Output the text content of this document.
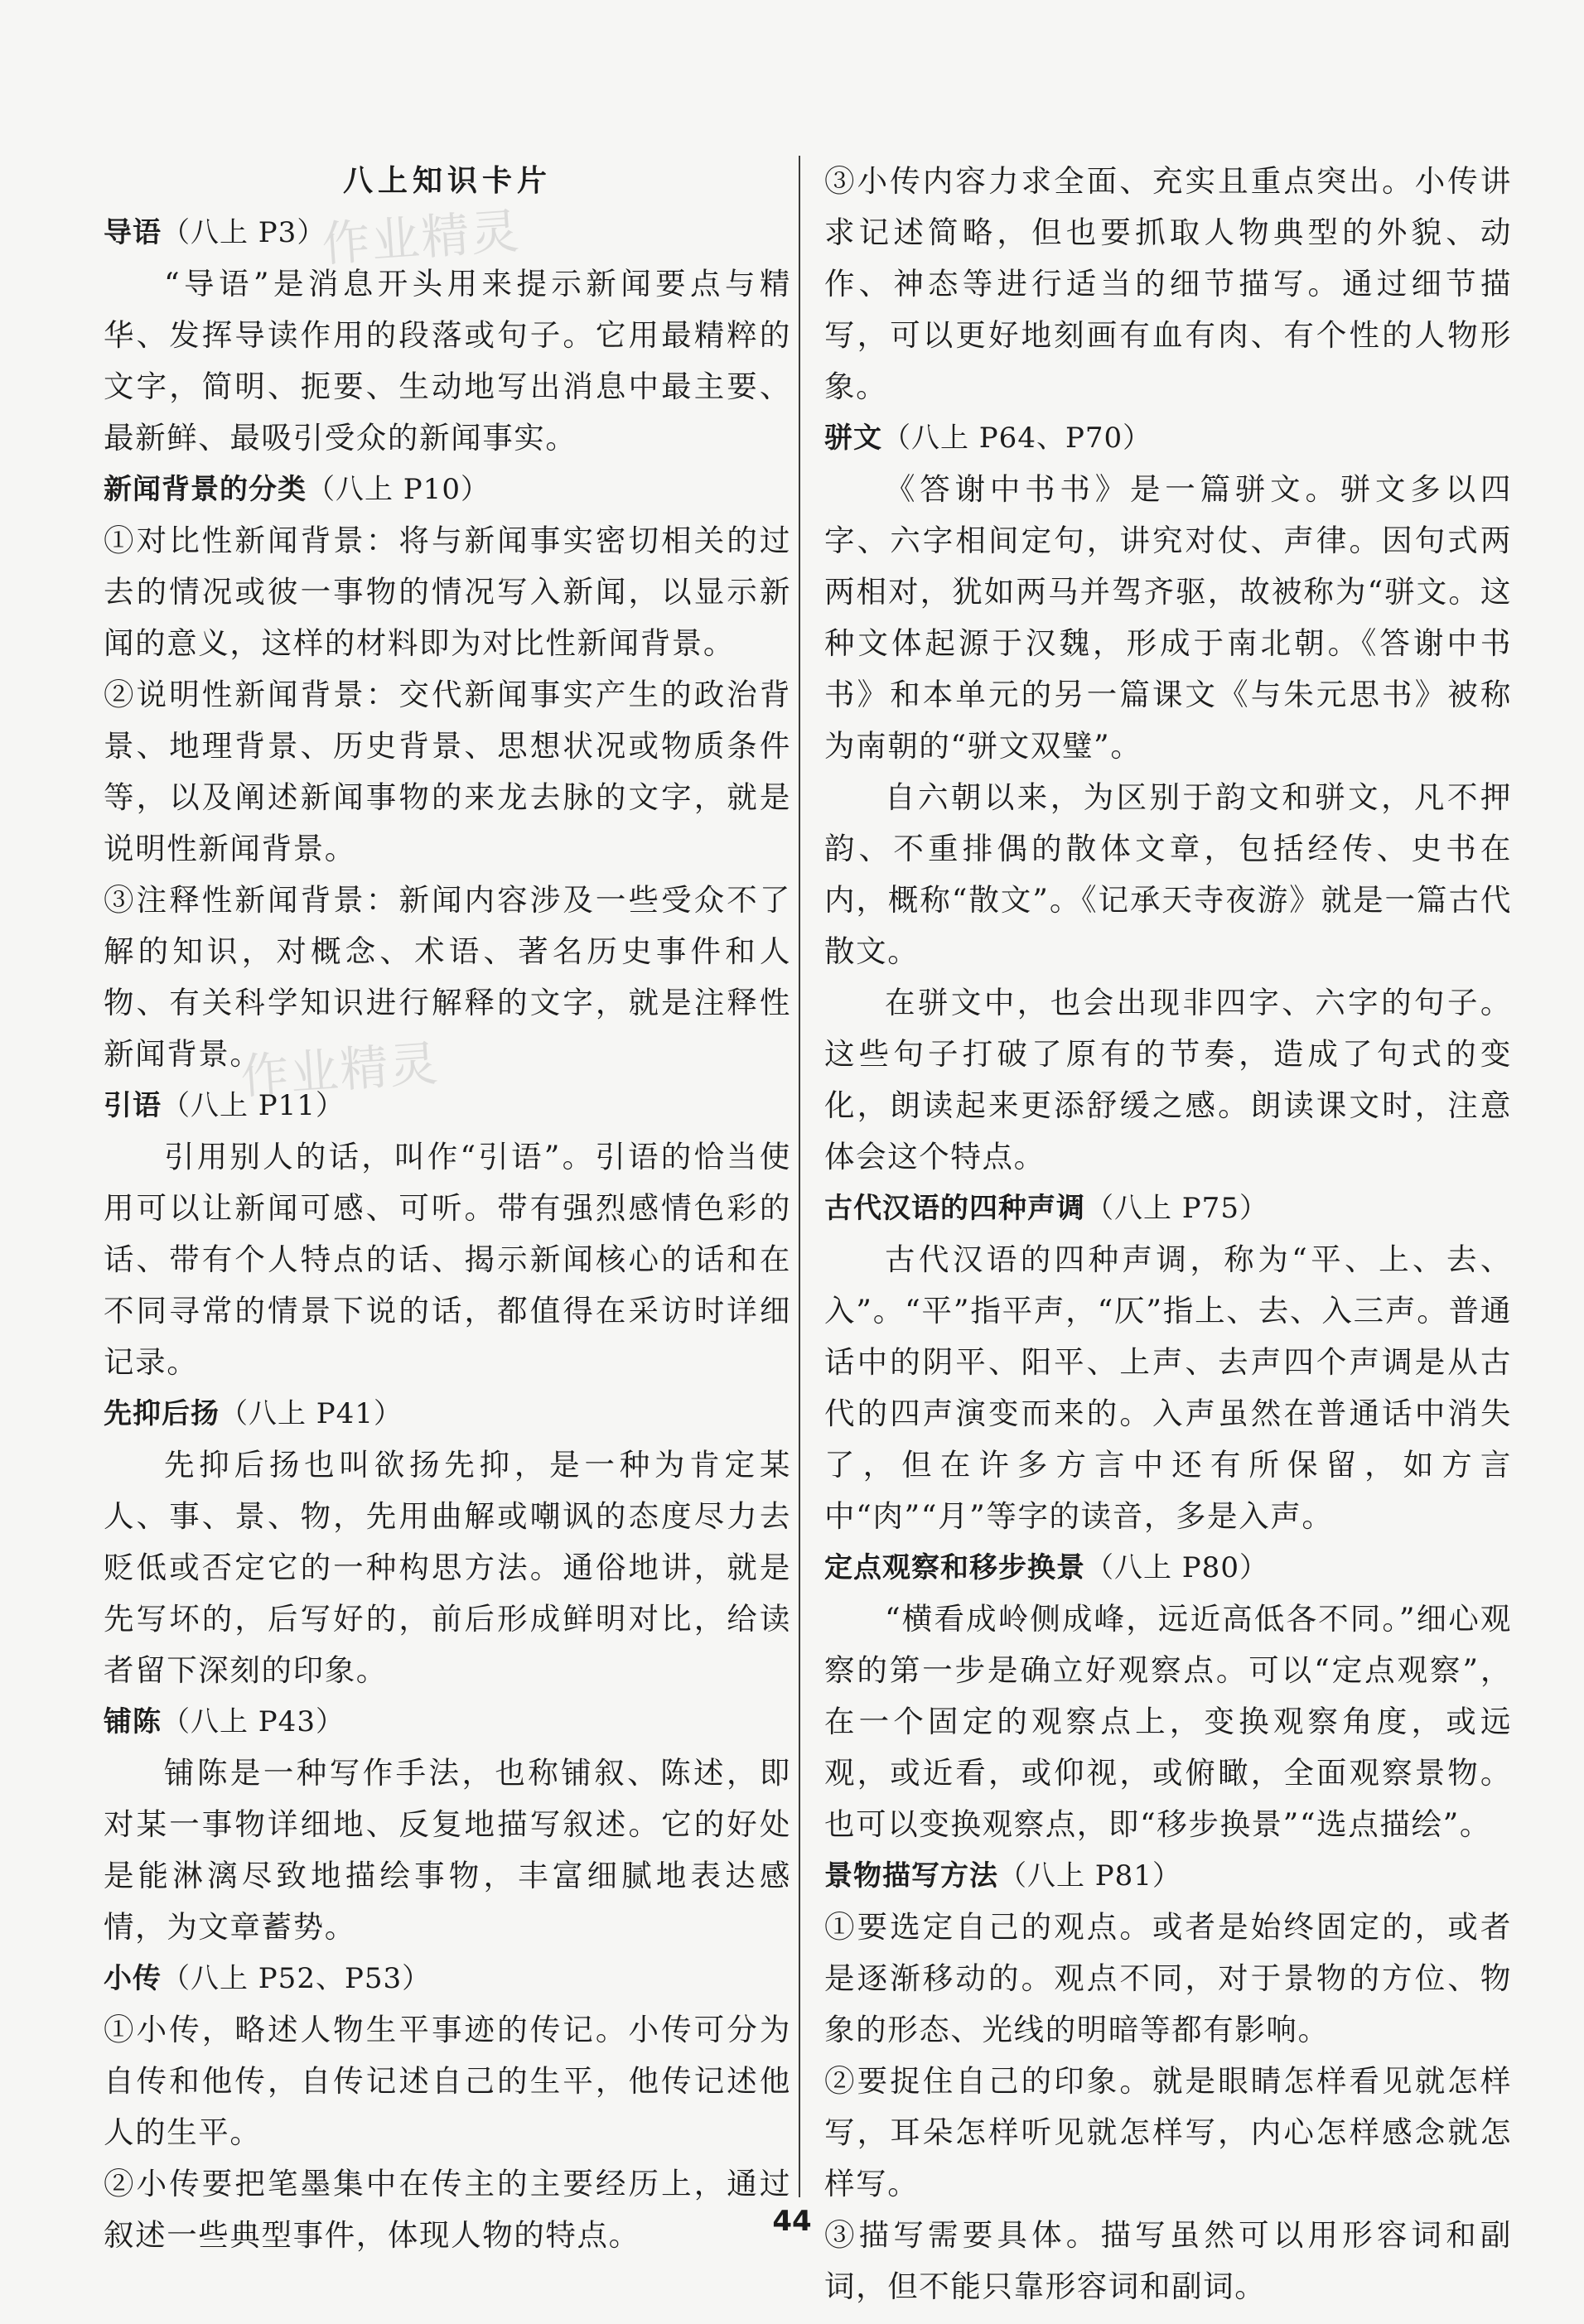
作业精灵
作业精灵
八上知识卡片
导语（八上 P3）

“导语”是消息开头用来提示新闻要点与精华、发挥导读作用的段落或句子。它用最精粹的文字，简明、扼要、生动地写出消息中最主要、最新鲜、最吸引受众的新闻事实。

新闻背景的分类（八上 P10）

①对比性新闻背景：将与新闻事实密切相关的过去的情况或彼一事物的情况写入新闻，以显示新闻的意义，这样的材料即为对比性新闻背景。

②说明性新闻背景：交代新闻事实产生的政治背景、地理背景、历史背景、思想状况或物质条件等，以及阐述新闻事物的来龙去脉的文字，就是说明性新闻背景。

③注释性新闻背景：新闻内容涉及一些受众不了解的知识，对概念、术语、著名历史事件和人物、有关科学知识进行解释的文字，就是注释性新闻背景。

引语（八上 P11）

引用别人的话，叫作“引语”。引语的恰当使用可以让新闻可感、可听。带有强烈感情色彩的话、带有个人特点的话、揭示新闻核心的话和在不同寻常的情景下说的话，都值得在采访时详细记录。

先抑后扬（八上 P41）

先抑后扬也叫欲扬先抑，是一种为肯定某人、事、景、物，先用曲解或嘲讽的态度尽力去贬低或否定它的一种构思方法。通俗地讲，就是先写坏的，后写好的，前后形成鲜明对比，给读者留下深刻的印象。

铺陈（八上 P43）

铺陈是一种写作手法，也称铺叙、陈述，即对某一事物详细地、反复地描写叙述。它的好处是能淋漓尽致地描绘事物，丰富细腻地表达感情，为文章蓄势。

小传（八上 P52、P53）

①小传，略述人物生平事迹的传记。小传可分为自传和他传，自传记述自己的生平，他传记述他人的生平。

②小传要把笔墨集中在传主的主要经历上，通过叙述一些典型事件，体现人物的特点。

③小传内容力求全面、充实且重点突出。小传讲求记述简略，但也要抓取人物典型的外貌、动作、神态等进行适当的细节描写。通过细节描写，可以更好地刻画有血有肉、有个性的人物形象。

骈文（八上 P64、P70）

《答谢中书书》是一篇骈文。骈文多以四字、六字相间定句，讲究对仗、声律。因句式两两相对，犹如两马并驾齐驱，故被称为“骈文。这种文体起源于汉魏，形成于南北朝。《答谢中书书》和本单元的另一篇课文《与朱元思书》被称为南朝的“骈文双璧”。

自六朝以来，为区别于韵文和骈文，凡不押韵、不重排偶的散体文章，包括经传、史书在内，概称“散文”。《记承天寺夜游》就是一篇古代散文。

在骈文中，也会出现非四字、六字的句子。这些句子打破了原有的节奏，造成了句式的变化，朗读起来更添舒缓之感。朗读课文时，注意体会这个特点。

古代汉语的四种声调（八上 P75）

古代汉语的四种声调，称为“平、上、去、入”。“平”指平声，“仄”指上、去、入三声。普通话中的阴平、阳平、上声、去声四个声调是从古代的四声演变而来的。入声虽然在普通话中消失了，但在许多方言中还有所保留，如方言中“肉”“月”等字的读音，多是入声。

定点观察和移步换景（八上 P80）

“横看成岭侧成峰，远近高低各不同。”细心观察的第一步是确立好观察点。可以“定点观察”，在一个固定的观察点上，变换观察角度，或远观，或近看，或仰视，或俯瞰，全面观察景物。也可以变换观察点，即“移步换景”“选点描绘”。

景物描写方法（八上 P81）

①要选定自己的观点。或者是始终固定的，或者是逐渐移动的。观点不同，对于景物的方位、物象的形态、光线的明暗等都有影响。

②要捉住自己的印象。就是眼睛怎样看见就怎样写，耳朵怎样听见就怎样写，内心怎样感念就怎样写。

③描写需要具体。描写虽然可以用形容词和副词，但不能只靠形容词和副词。

44
